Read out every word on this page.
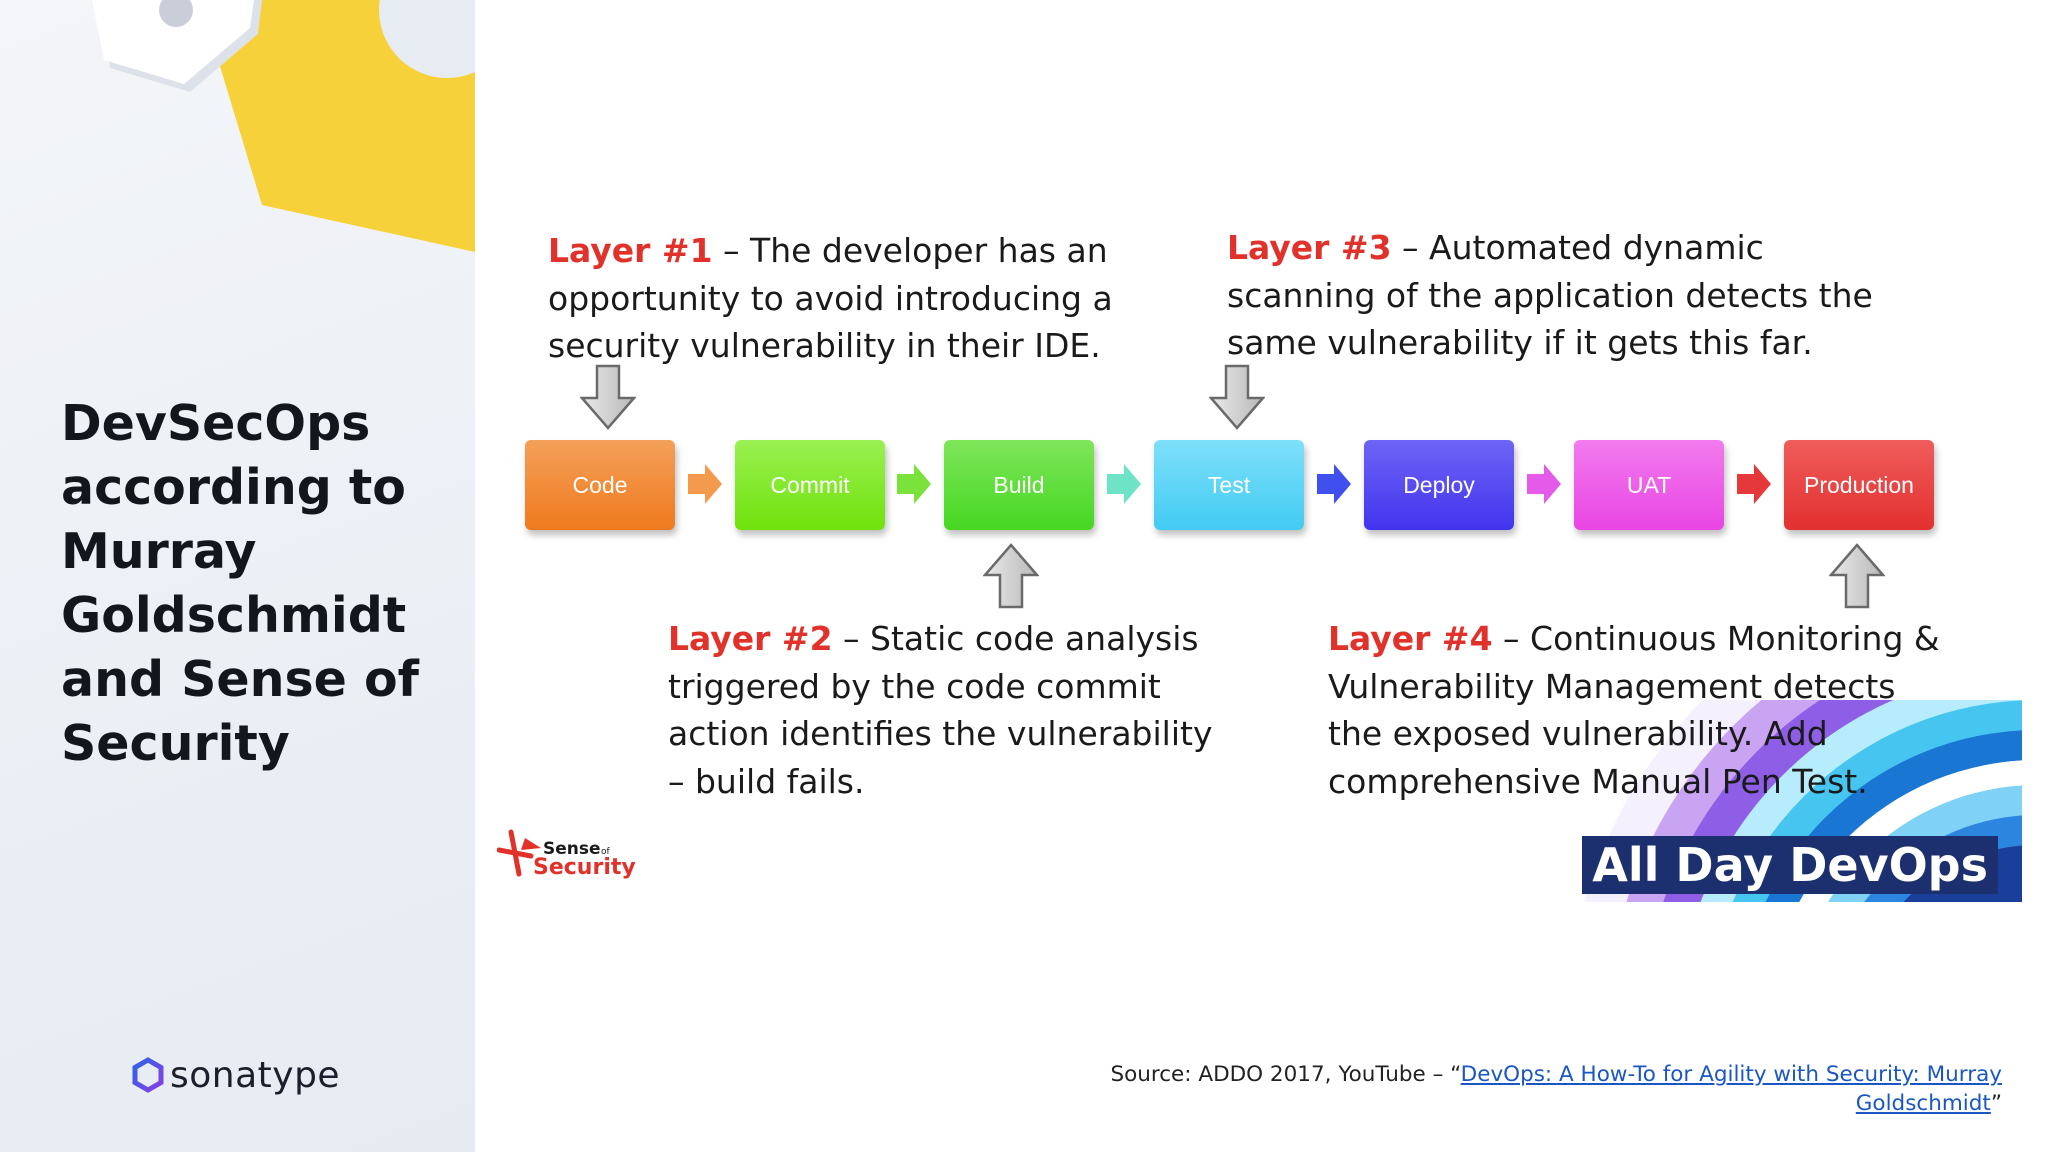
DevSecOps according to Murray Goldschmidt and Sense of Security
sonatype
Layer #1 – The developer has an opportunity to avoid introducing a security vulnerability in their IDE.
Layer #3 – Automated dynamic scanning of the application detects the same vulnerability if it gets this far.
Layer #2 – Static code analysis triggered by the code commit action identifies the vulnerability – build fails.
All Day DevOps
Layer #4 – Continuous Monitoring & Vulnerability Management detects the exposed vulnerability. Add comprehensive Manual Pen Test.
Code	Commit	Build	Test	Deploy	UAT	Production
Sense of
Security
Source: ADDO 2017, YouTube – “DevOps: A How-To for Agility with Security: Murray Goldschmidt”
